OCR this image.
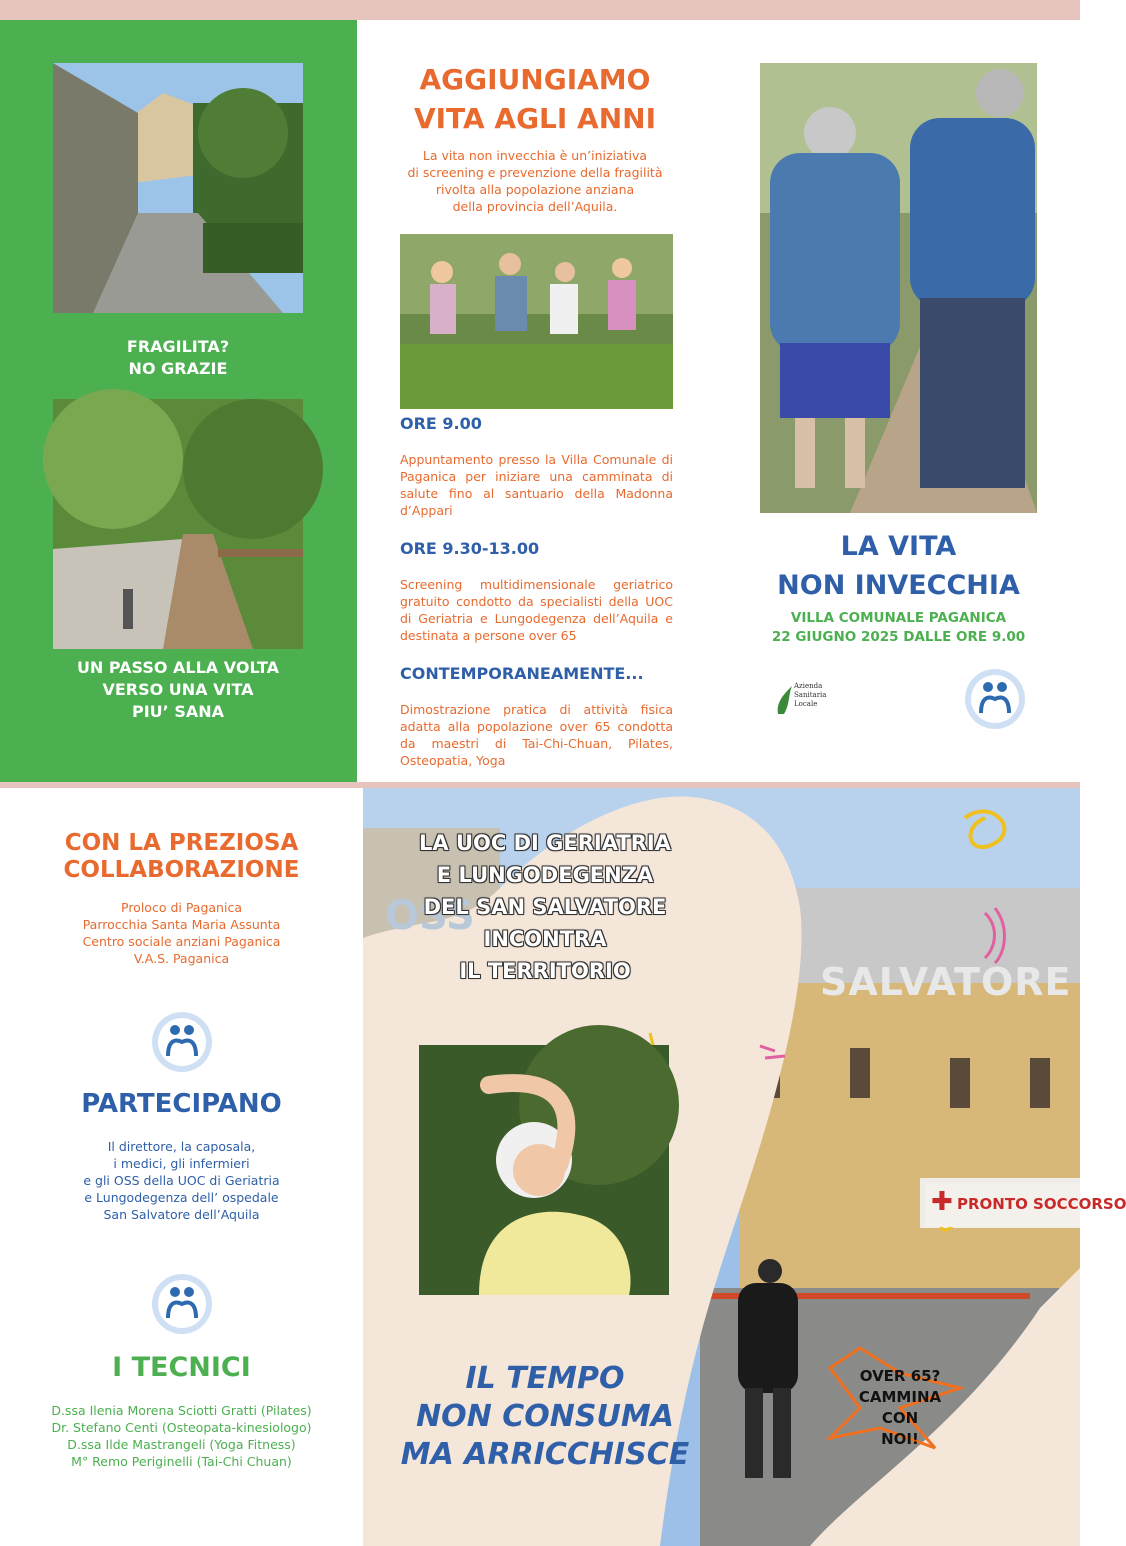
FRAGILITA?
NO GRAZIE
UN PASSO ALLA VOLTA
VERSO UNA VITA
PIU’ SANA
AGGIUNGIAMO
VITA AGLI ANNI
La vita non invecchia è un’iniziativa
di screening e prevenzione della fragilità
rivolta alla popolazione anziana
della provincia dell’Aquila.
ORE 9.00
Appuntamento presso la Villa Comunale di Paganica per iniziare una camminata di salute fino al santuario della Madonna d’Appari
ORE 9.30-13.00
Screening multidimensionale geriatrico gratuito condotto da specialisti della UOC di Geriatria e Lungodegenza dell’Aquila e destinata a persone over 65
CONTEMPORANEAMENTE...
Dimostrazione pratica di attività fisica adatta alla popolazione over 65 condotta da maestri di Tai-Chi-Chuan, Pilates, Osteopatia, Yoga
LA VITA
NON INVECCHIA
VILLA COMUNALE PAGANICA
22 GIUGNO 2025 DALLE ORE 9.00
Azienda
Sanitaria
Locale
OSS
SALVATORE
✚ PRONTO SOCCORSO
CON LA PREZIOSA
COLLABORAZIONE
Proloco di Paganica
Parrocchia Santa Maria Assunta
Centro sociale anziani Paganica
V.A.S. Paganica
PARTECIPANO
Il direttore, la caposala,
i medici, gli infermieri
e gli OSS della UOC di Geriatria
e Lungodegenza dell’ ospedale
San Salvatore dell’Aquila
I TECNICI
D.ssa Ilenia Morena Sciotti Gratti (Pilates)
Dr. Stefano Centi (Osteopata-kinesiologo)
D.ssa Ilde Mastrangeli (Yoga Fitness)
M° Remo Periginelli (Tai-Chi Chuan)
LA UOC DI GERIATRIA
E LUNGODEGENZA
DEL SAN SALVATORE
INCONTRA
IL TERRITORIO
IL TEMPO
NON CONSUMA
MA ARRICCHISCE
OVER 65?
CAMMINA
CON
NOI!
